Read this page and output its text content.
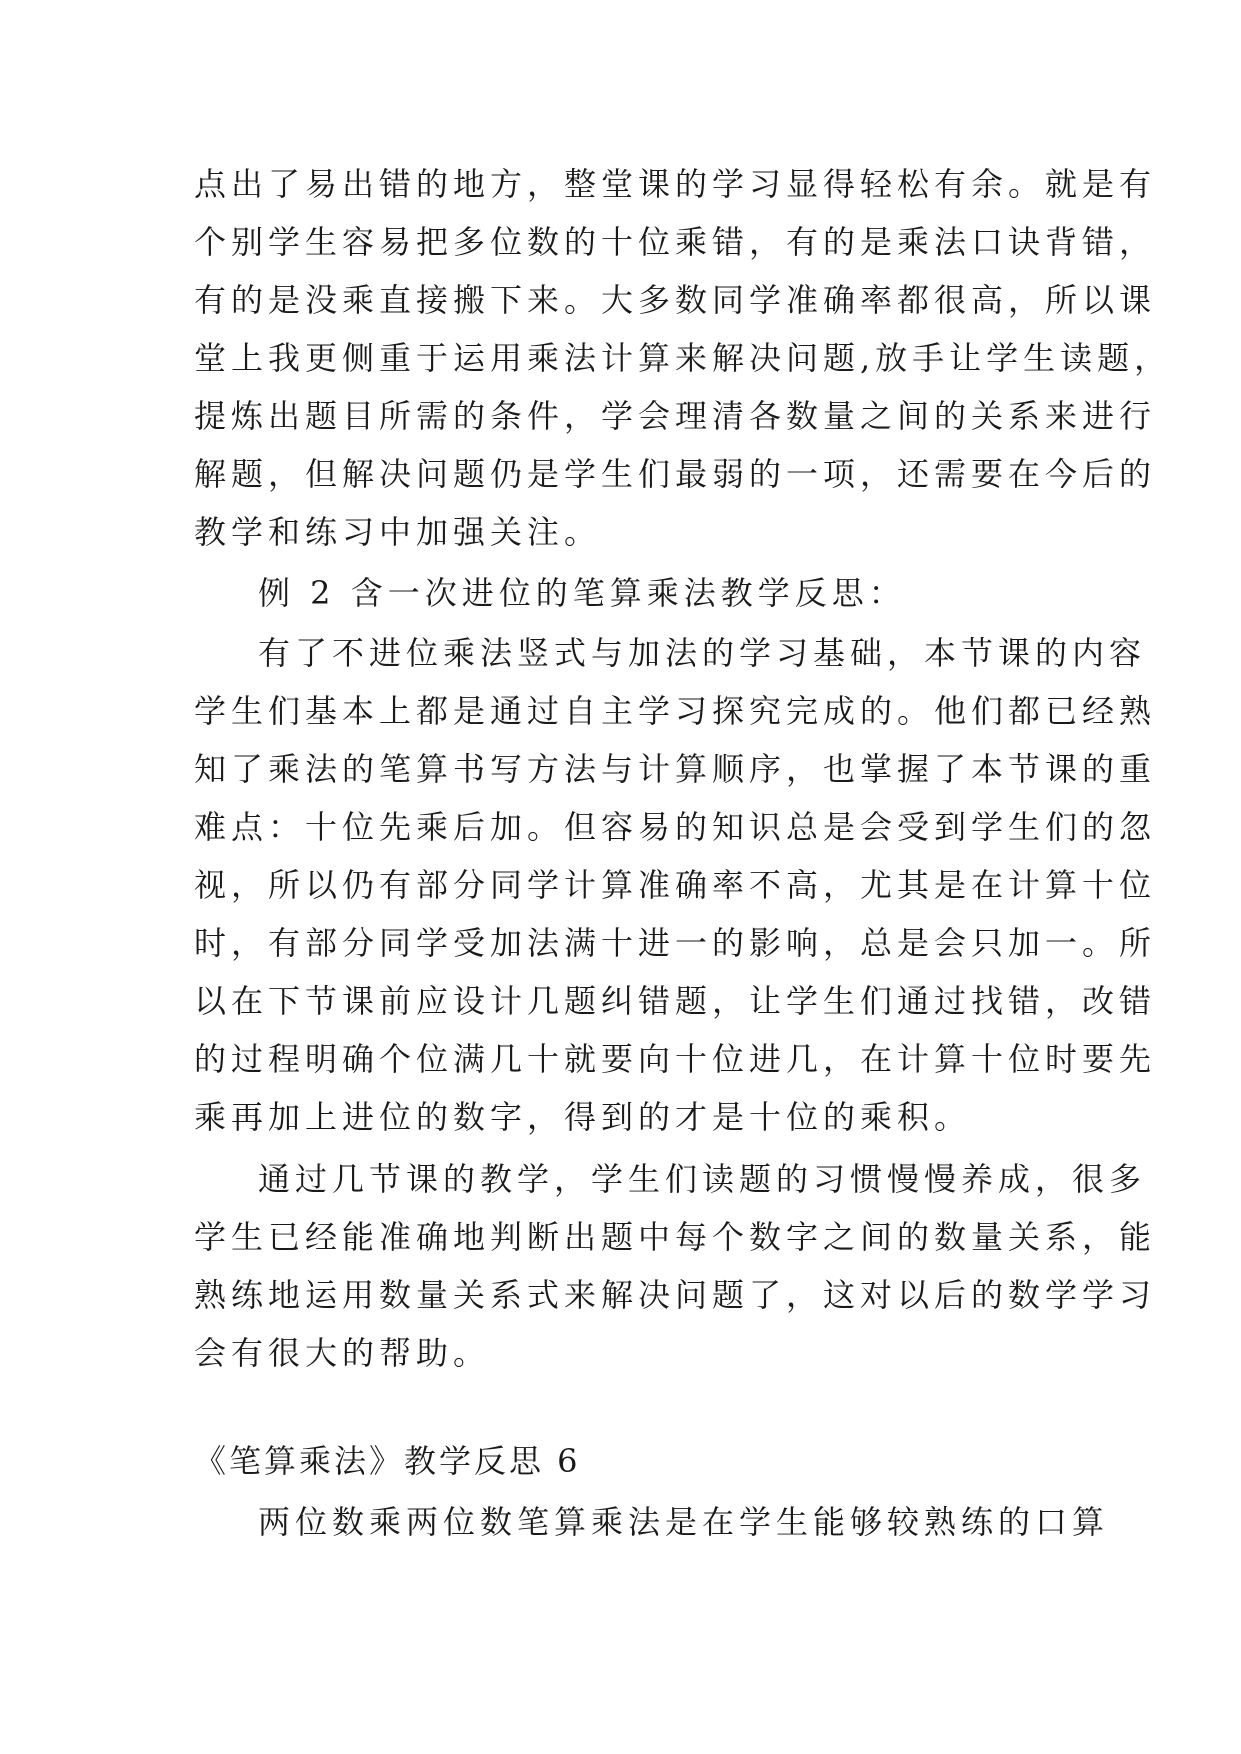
点出了易出错的地方，整堂课的学习显得轻松有余。就是有
个别学生容易把多位数的十位乘错，有的是乘法口诀背错，
有的是没乘直接搬下来。大多数同学准确率都很高，所以课
堂上我更侧重于运用乘法计算来解决问题,放手让学生读题，
提炼出题目所需的条件，学会理清各数量之间的关系来进行
解题，但解决问题仍是学生们最弱的一项，还需要在今后的
教学和练习中加强关注。
例 2 含一次进位的笔算乘法教学反思：
有了不进位乘法竖式与加法的学习基础，本节课的内容
学生们基本上都是通过自主学习探究完成的。他们都已经熟
知了乘法的笔算书写方法与计算顺序，也掌握了本节课的重
难点：十位先乘后加。但容易的知识总是会受到学生们的忽
视，所以仍有部分同学计算准确率不高，尤其是在计算十位
时，有部分同学受加法满十进一的影响，总是会只加一。所
以在下节课前应设计几题纠错题，让学生们通过找错，改错
的过程明确个位满几十就要向十位进几，在计算十位时要先
乘再加上进位的数字，得到的才是十位的乘积。
通过几节课的教学，学生们读题的习惯慢慢养成，很多
学生已经能准确地判断出题中每个数字之间的数量关系，能
熟练地运用数量关系式来解决问题了，这对以后的数学学习
会有很大的帮助。
《笔算乘法》教学反思 6
两位数乘两位数笔算乘法是在学生能够较熟练的口算
